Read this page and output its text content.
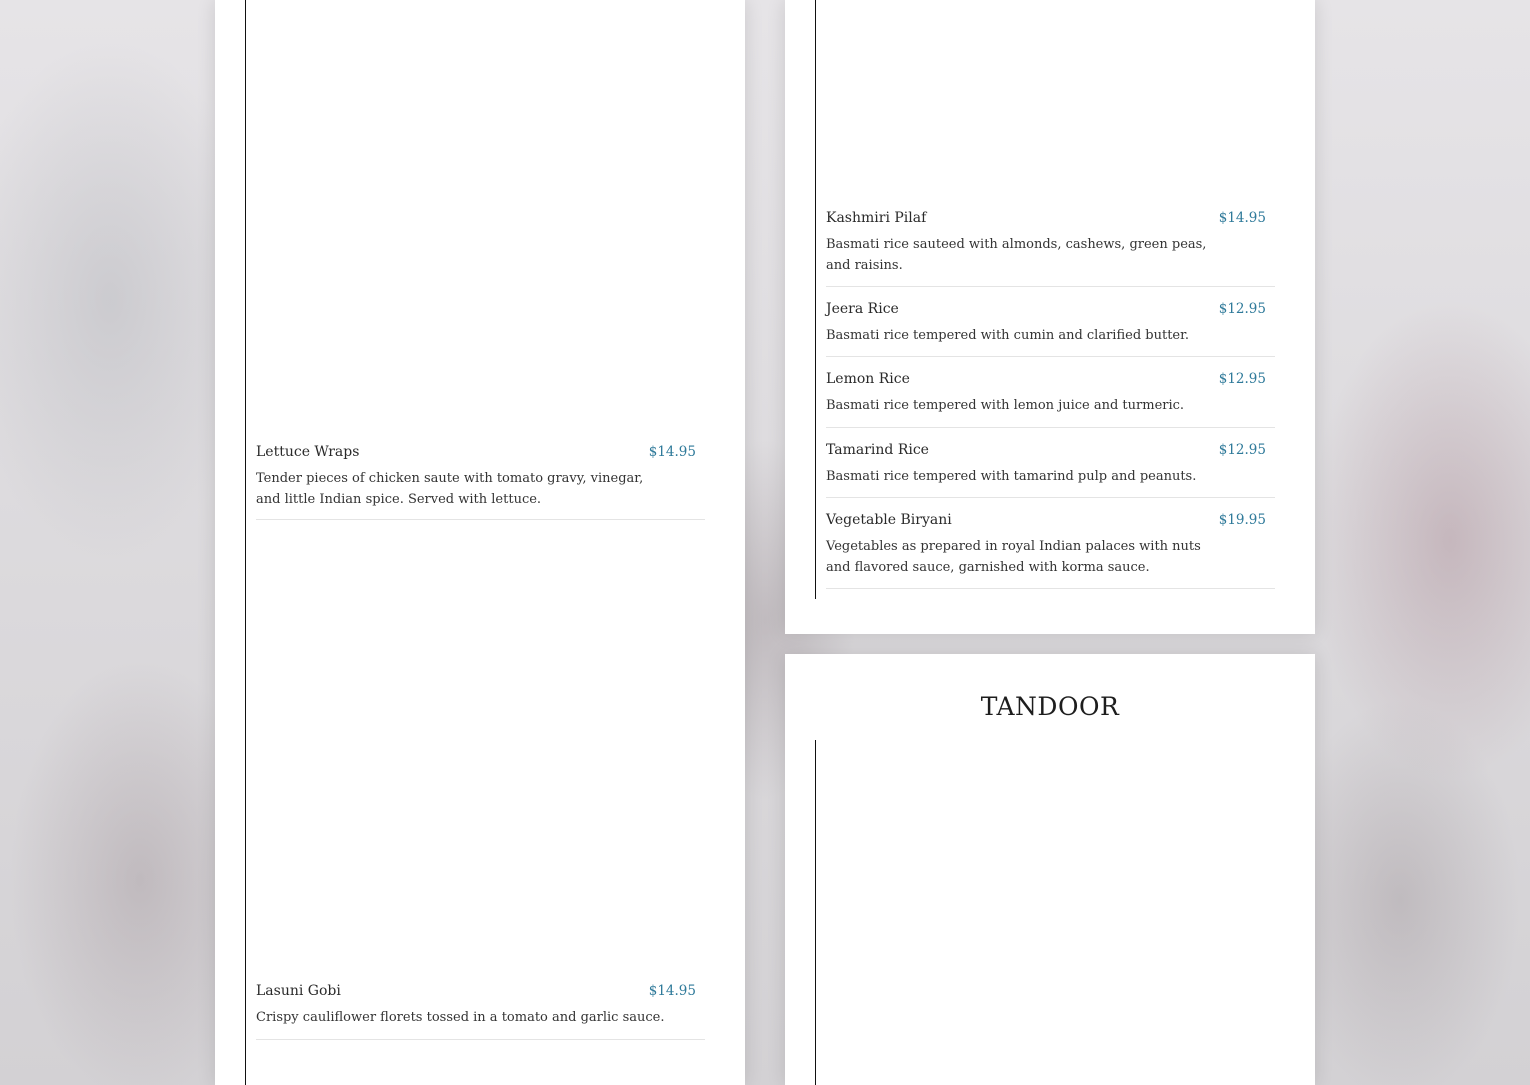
Lettuce Wraps	$14.95
Tender pieces of chicken saute with tomato gravy, vinegar, and little Indian spice. Served with lettuce.
Lasuni Gobi	$14.95
Crispy cauliflower florets tossed in a tomato and garlic sauce.
Kashmiri Pilaf	$14.95
Basmati rice sauteed with almonds, cashews, green peas, and raisins.
Jeera Rice	$12.95
Basmati rice tempered with cumin and clarified butter.
Lemon Rice	$12.95
Basmati rice tempered with lemon juice and turmeric.
Tamarind Rice	$12.95
Basmati rice tempered with tamarind pulp and peanuts.
Vegetable Biryani	$19.95
Vegetables as prepared in royal Indian palaces with nuts and flavored sauce, garnished with korma sauce.
TANDOOR
